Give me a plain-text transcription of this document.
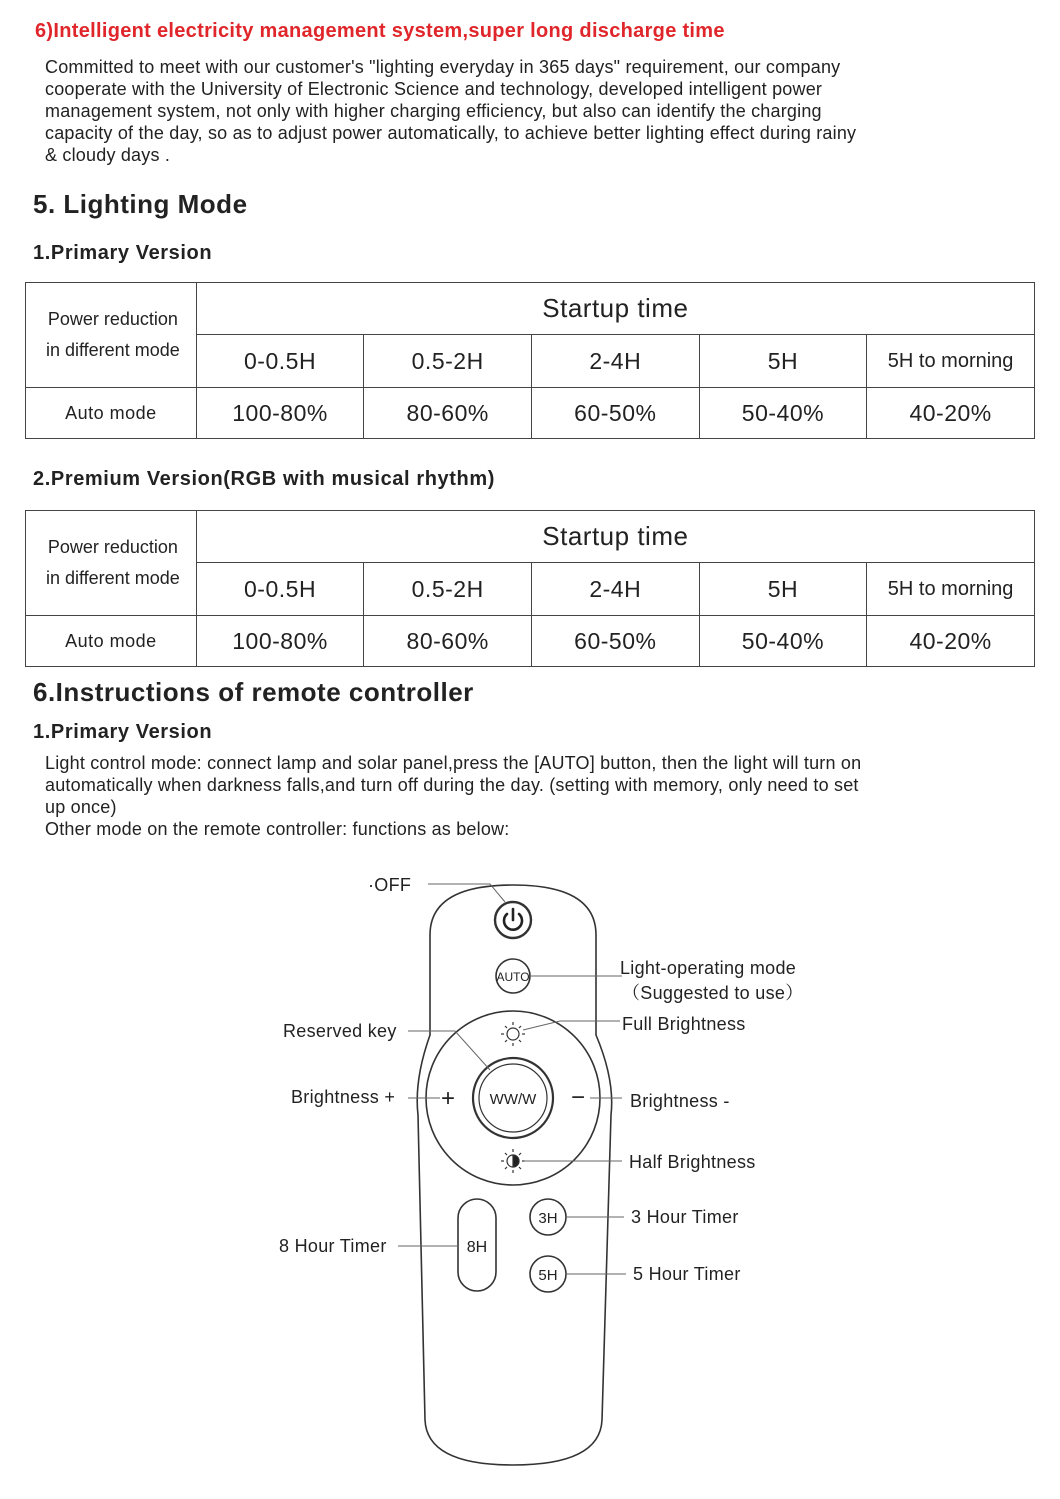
6)Intelligent electricity management system,super long discharge time
Committed to meet with our customer's "lighting everyday in 365 days" requirement, our company
cooperate with the University of Electronic Science and technology, developed intelligent power
management system, not only with higher charging efficiency, but also can identify the charging
capacity of the day, so as to adjust power automatically, to achieve better lighting effect during rainy
& cloudy days .
5. Lighting Mode
1.Primary Version
Power reduction
in different mode	Startup time				
	0-0.5H	0.5-2H	2-4H	5H	5H to morning
Auto mode	100-80%	80-60%	60-50%	50-40%	40-20%
2.Premium Version(RGB with musical rhythm)
Power reduction
in different mode	Startup time				
	0-0.5H	0.5-2H	2-4H	5H	5H to morning
Auto mode	100-80%	80-60%	60-50%	50-40%	40-20%
6.Instructions of remote controller
1.Primary Version
Light control mode: connect lamp and solar panel,press the [AUTO] button, then the light will turn on
automatically when darkness falls,and turn off during the day. (setting with memory, only need to set
up once)
Other mode on the remote controller: functions as below:
AUTO
+	−
WW/W
8H
3H
5H
·OFF
Light-operating mode
（Suggested to use）
Full Brightness
Reserved key
Brightness +	Brightness -
Half Brightness
3 Hour Timer
8 Hour Timer
5 Hour Timer
